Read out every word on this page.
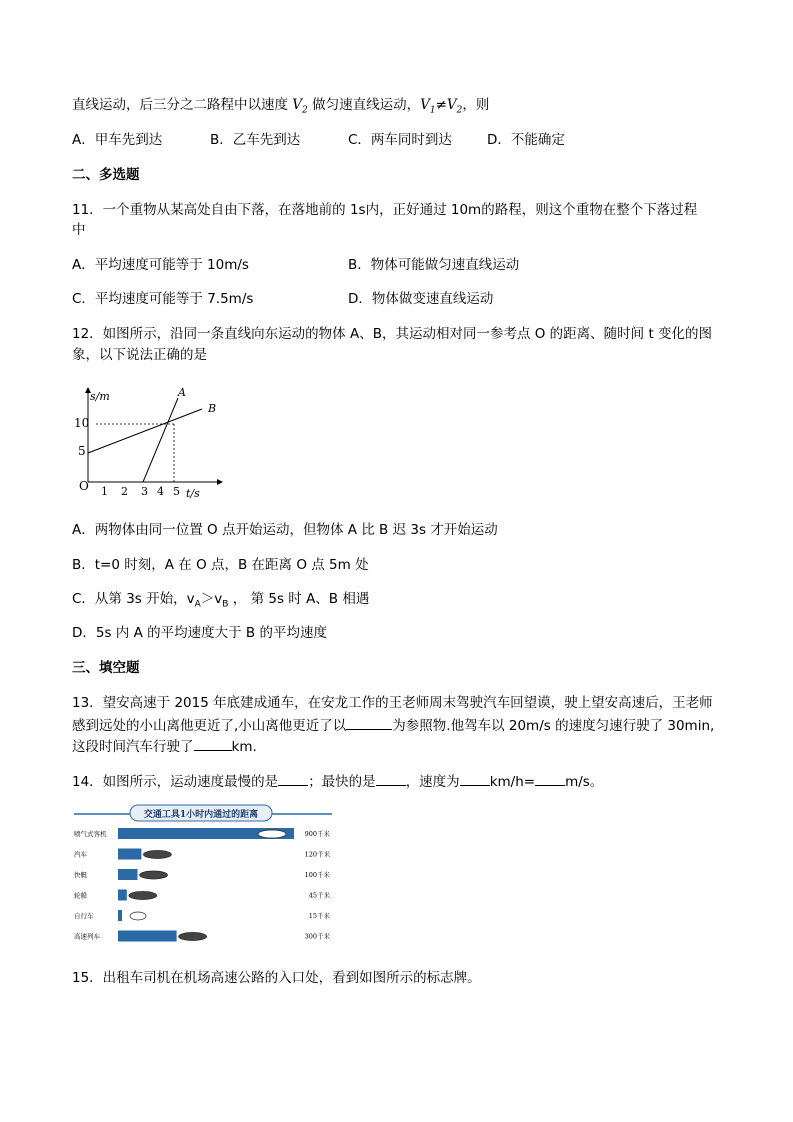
直线运动，后三分之二路程中以速度 $V_2$ 做匀速直线运动，$V_1\ne V_2$，则
A．甲车先到达	B．乙车先到达	C．两车同时到达	D．不能确定
二、多选题
11．一个重物从某高处自由下落，在落地前的 1s内，正好通过 10m的路程，则这个重物在整个下落过程
中
A．平均速度可能等于 10m/s	B．物体可能做匀速直线运动
C．平均速度可能等于 7.5m/s	D．物体做变速直线运动
12．如图所示，沿同一条直线向东运动的物体 A、B，其运动相对同一参考点 O 的距离、随时间 t 变化的图
象，以下说法正确的是
s/m
t/s
O
5
10
1 2 3 4 5
A
B
A．两物体由同一位置 O 点开始运动，但物体 A 比 B 迟 3s 才开始运动
B．t=0 时刻，A 在 O 点，B 在距离 O 点 5m 处
C．从第 3s 开始，$v_A>v_B$ ， 第 5s 时 A、B 相遇
D．5s 内 A 的平均速度大于 B 的平均速度
三、填空题
13．望安高速于 2015 年底建成通车，在安龙工作的王老师周末驾驶汽车回望谟，驶上望安高速后，王老师
感到远处的小山离他更近了,小山离他更近了以	为参照物.他驾车以 20m/s 的速度匀速行驶了 30min,
这段时间汽车行驶了	km.
14．如图所示，运动速度最慢的是 ；最快的是 ，速度为 km/h= m/s。
交通工具1小时内通过的距离
喷气式客机	900千米
汽车	120千米
快艇	100千米
轮船	45千米
自行车	15千米
高速列车	300千米
15．出租车司机在机场高速公路的入口处，看到如图所示的标志牌。
